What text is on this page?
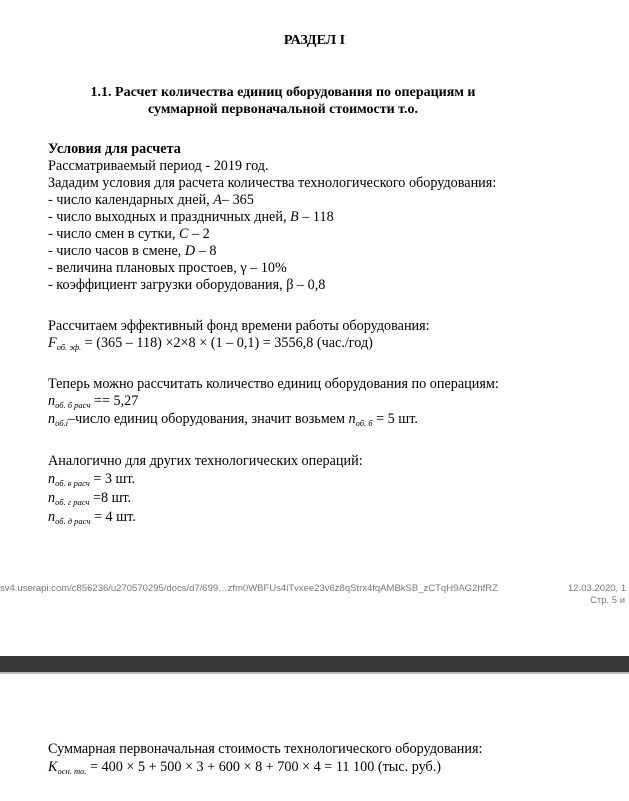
РАЗДЕЛ I
1.1. Расчет количества единиц оборудования по операциям и
суммарной первоначальной стоимости т.о.
Условия для расчета
Рассматриваемый период - 2019 год.
Зададим условия для расчета количества технологического оборудования:
- число календарных дней, A– 365
- число выходных и праздничных дней, B – 118
- число смен в сутки, C – 2
- число часов в смене, D – 8
- величина плановых простоев, γ – 10%
- коэффициент загрузки оборудования, β – 0,8
Рассчитаем эффективный фонд времени работы оборудования:
$F_{об. эф.} = (365 - 118) \times 2\times 8 \times (1 - 0,1) = 3556,8$ (час./год)
Теперь можно рассчитать количество единиц оборудования по операциям:
$n_{об. б расч} == 5,27$
$n_{об.i}$–число единиц оборудования, значит возьмем $n_{об. б} = 5$ шт.
Аналогично для других технологических операций:
$n_{об. в расч} = 3$ шт.
$n_{об. г расч} =8$ шт.
$n_{об. д расч} = 4$ шт.
sv4.userapi.com/c856236/u270570295/docs/d7/699…zfm0WBFUs4iTvxee23v6z8qStrx4fqAMBkSB_zCTqH9AG2hfRZ	12.03.2020, 1
Стр. 5 и
Суммарная первоначальная стоимость технологического оборудования:
$K_{осн. то.} = 400 \times 5 + 500 \times 3 + 600 \times 8 + 700 \times 4 = 11$ 100 (тыс. руб.)
